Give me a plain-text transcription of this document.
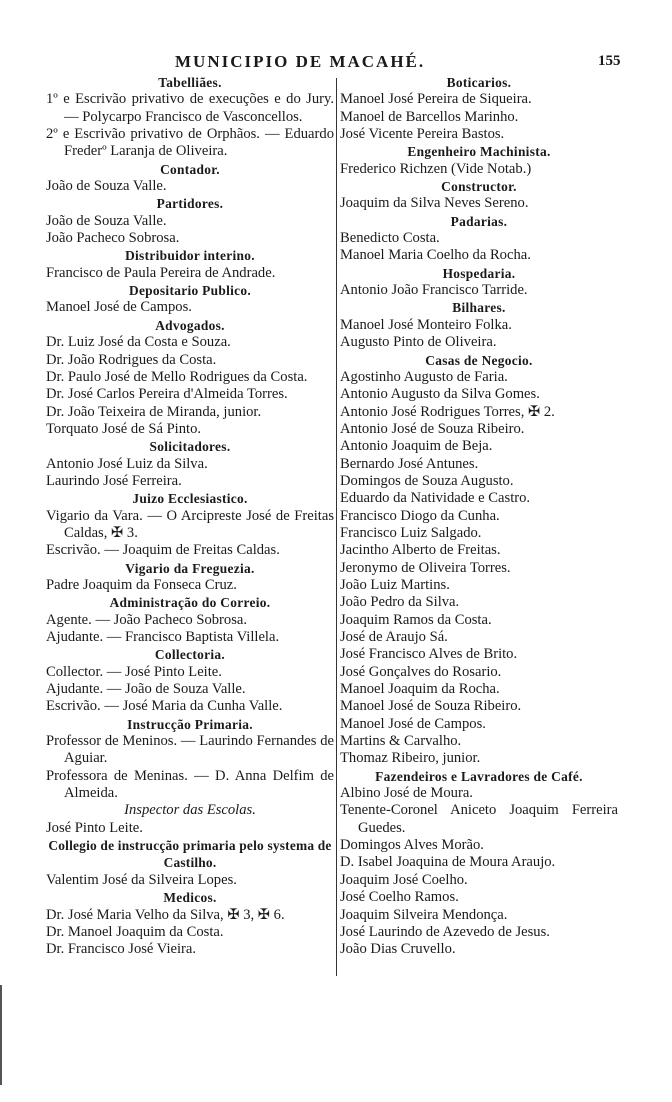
MUNICIPIO DE MACAHÉ.	155
Tabelliães.
1º e Escrivão privativo de execuções e do Jury. — Polycarpo Francisco de Vasconcellos.
2º e Escrivão privativo de Orphãos. — Eduardo Frederº Laranja de Oliveira.
Contador.
João de Souza Valle.
Partidores.
João de Souza Valle.
João Pacheco Sobrosa.
Distribuidor interino.
Francisco de Paula Pereira de Andrade.
Depositario Publico.
Manoel José de Campos.
Advogados.
Dr. Luiz José da Costa e Souza.
Dr. João Rodrigues da Costa.
Dr. Paulo José de Mello Rodrigues da Costa.
Dr. José Carlos Pereira d'Almeida Torres.
Dr. João Teixeira de Miranda, junior.
Torquato José de Sá Pinto.
Solicitadores.
Antonio José Luiz da Silva.
Laurindo José Ferreira.
Juizo Ecclesiastico.
Vigario da Vara. — O Arcipreste José de Freitas Caldas, ✠ 3.
Escrivão. — Joaquim de Freitas Caldas.
Vigario da Freguezia.
Padre Joaquim da Fonseca Cruz.
Administração do Correio.
Agente. — João Pacheco Sobrosa.
Ajudante. — Francisco Baptista Villela.
Collectoria.
Collector. — José Pinto Leite.
Ajudante. — João de Souza Valle.
Escrivão. — José Maria da Cunha Valle.
Instrucção Primaria.
Professor de Meninos. — Laurindo Fernandes de Aguiar.
Professora de Meninas. — D. Anna Delfim de Almeida.
Inspector das Escolas.
José Pinto Leite.
Collegio de instrucção primaria pelo systema de Castilho.
Valentim José da Silveira Lopes.
Medicos.
Dr. José Maria Velho da Silva, ✠ 3, ✠ 6.
Dr. Manoel Joaquim da Costa.
Dr. Francisco José Vieira.
Boticarios.
Manoel José Pereira de Siqueira.
Manoel de Barcellos Marinho.
José Vicente Pereira Bastos.
Engenheiro Machinista.
Frederico Richzen (Vide Notab.)
Constructor.
Joaquim da Silva Neves Sereno.
Padarias.
Benedicto Costa.
Manoel Maria Coelho da Rocha.
Hospedaria.
Antonio João Francisco Tarride.
Bilhares.
Manoel José Monteiro Folka.
Augusto Pinto de Oliveira.
Casas de Negocio.
Agostinho Augusto de Faria.
Antonio Augusto da Silva Gomes.
Antonio José Rodrigues Torres, ✠ 2.
Antonio José de Souza Ribeiro.
Antonio Joaquim de Beja.
Bernardo José Antunes.
Domingos de Souza Augusto.
Eduardo da Natividade e Castro.
Francisco Diogo da Cunha.
Francisco Luiz Salgado.
Jacintho Alberto de Freitas.
Jeronymo de Oliveira Torres.
João Luiz Martins.
João Pedro da Silva.
Joaquim Ramos da Costa.
José de Araujo Sá.
José Francisco Alves de Brito.
José Gonçalves do Rosario.
Manoel Joaquim da Rocha.
Manoel José de Souza Ribeiro.
Manoel José de Campos.
Martins & Carvalho.
Thomaz Ribeiro, junior.
Fazendeiros e Lavradores de Café.
Albino José de Moura.
Tenente-Coronel Aniceto Joaquim Ferreira Guedes.
Domingos Alves Morão.
D. Isabel Joaquina de Moura Araujo.
Joaquim José Coelho.
José Coelho Ramos.
Joaquim Silveira Mendonça.
José Laurindo de Azevedo de Jesus.
João Dias Cruvello.
